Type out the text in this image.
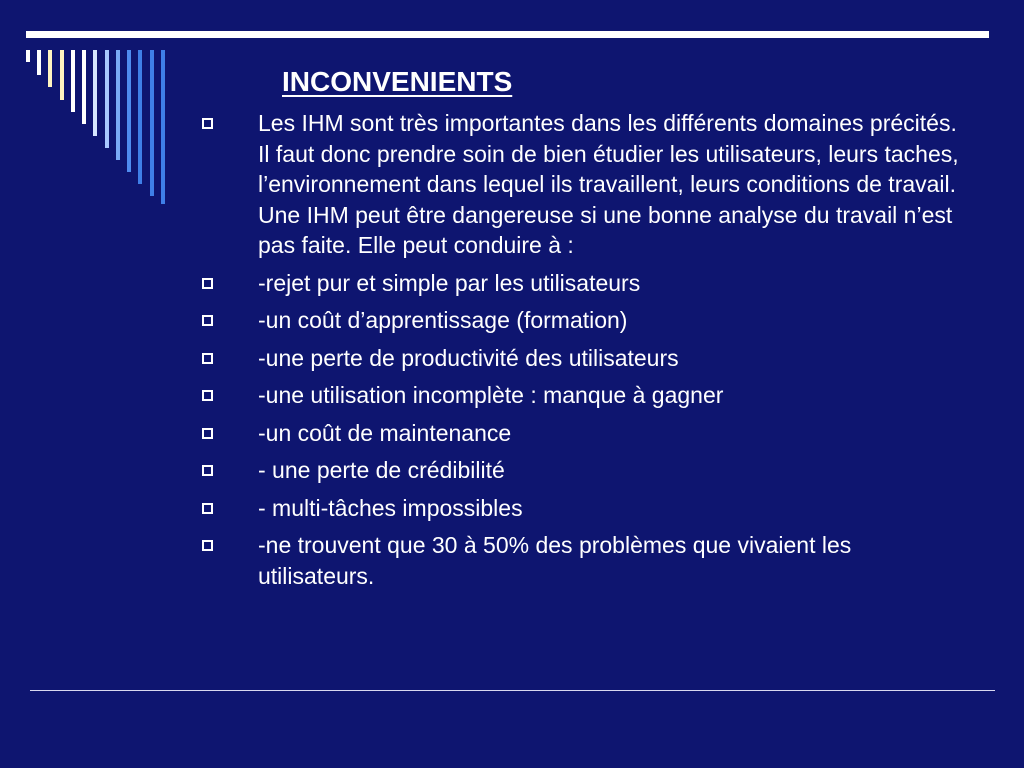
INCONVENIENTS
Les IHM sont très importantes dans les différents domaines précités. Il faut donc prendre soin de bien étudier les utilisateurs, leurs taches, l’environnement dans lequel ils travaillent, leurs conditions de travail. Une IHM peut être dangereuse si une bonne analyse du travail n’est pas faite. Elle peut conduire à :
-rejet pur et simple par les utilisateurs
-un coût d’apprentissage (formation)
-une perte de productivité des utilisateurs
-une utilisation incomplète : manque à gagner
-un coût de maintenance
- une perte de crédibilité
- multi-tâches impossibles
-ne trouvent que 30 à 50% des problèmes que vivaient les utilisateurs.
